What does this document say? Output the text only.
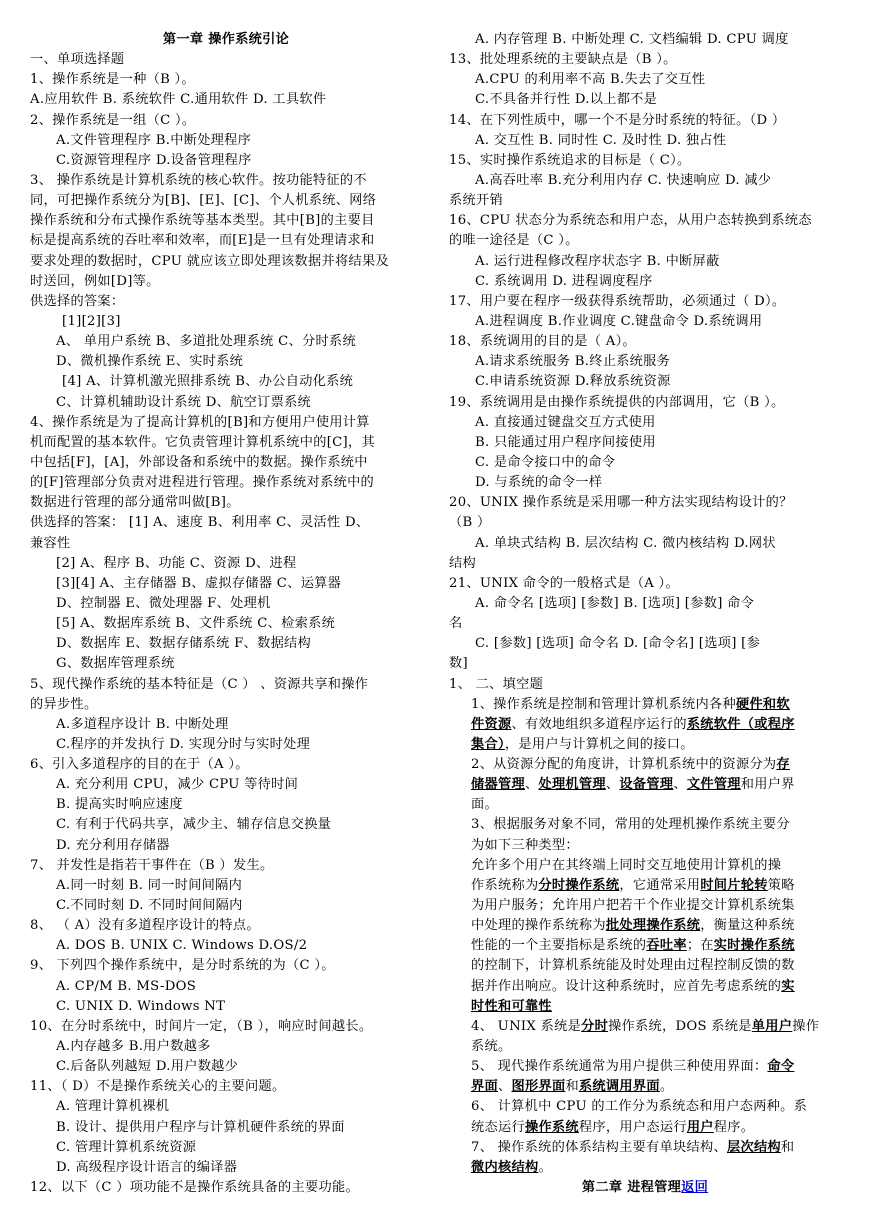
第一章 操作系统引论
一、单项选择题
1、操作系统是一种（B ）。
A.应用软件 B. 系统软件 C.通用软件 D. 工具软件
2、操作系统是一组（C ）。
A.文件管理程序 B.中断处理程序
C.资源管理程序 D.设备管理程序
3、 操作系统是计算机系统的核心软件。按功能特征的不
同，可把操作系统分为[B]、[E]、[C]、个人机系统、网络
操作系统和分布式操作系统等基本类型。其中[B]的主要目
标是提高系统的吞吐率和效率，而[E]是一旦有处理请求和
要求处理的数据时，CPU 就应该立即处理该数据并将结果及
时送回，例如[D]等。
供选择的答案：
[1][2][3]
A、 单用户系统 B、多道批处理系统 C、分时系统
D、微机操作系统 E、实时系统
[4] A、计算机激光照排系统 B、办公自动化系统
C、计算机辅助设计系统 D、航空订票系统
4、操作系统是为了提高计算机的[B]和方便用户使用计算
机而配置的基本软件。它负责管理计算机系统中的[C]，其
中包括[F]，[A]，外部设备和系统中的数据。操作系统中
的[F]管理部分负责对进程进行管理。操作系统对系统中的
数据进行管理的部分通常叫做[B]。
供选择的答案： [1] A、速度 B、利用率 C、灵活性 D、
兼容性
[2] A、程序 B、功能 C、资源 D、进程
[3][4] A、主存储器 B、虚拟存储器 C、运算器
D、控制器 E、微处理器 F、处理机
[5] A、数据库系统 B、文件系统 C、检索系统
D、数据库 E、数据存储系统 F、数据结构
G、数据库管理系统
5、现代操作系统的基本特征是（C ） 、资源共享和操作
的异步性。
A.多道程序设计 B. 中断处理
C.程序的并发执行 D. 实现分时与实时处理
6、引入多道程序的目的在于（A ）。
A. 充分利用 CPU，减少 CPU 等待时间
B. 提高实时响应速度
C. 有利于代码共享，减少主、辅存信息交换量
D. 充分利用存储器
7、 并发性是指若干事件在（B ）发生。
A.同一时刻 B. 同一时间间隔内
C.不同时刻 D. 不同时间间隔内
8、 （ A）没有多道程序设计的特点。
A. DOS B. UNIX C. Windows D.OS/2
9、 下列四个操作系统中，是分时系统的为（C ）。
A. CP/M B. MS-DOS
C. UNIX D. Windows NT
10、在分时系统中，时间片一定，（B ），响应时间越长。
A.内存越多 B.用户数越多
C.后备队列越短 D.用户数越少
11、（ D）不是操作系统关心的主要问题。
A. 管理计算机裸机
B. 设计、提供用户程序与计算机硬件系统的界面
C. 管理计算机系统资源
D. 高级程序设计语言的编译器
12、以下（C ）项功能不是操作系统具备的主要功能。
A. 内存管理 B. 中断处理 C. 文档编辑 D. CPU 调度
13、批处理系统的主要缺点是（B ）。
A.CPU 的利用率不高 B.失去了交互性
C.不具备并行性 D.以上都不是
14、在下列性质中，哪一个不是分时系统的特征。（D ）
A. 交互性 B. 同时性 C. 及时性 D. 独占性
15、实时操作系统追求的目标是（ C）。
A.高吞吐率 B.充分利用内存 C. 快速响应 D. 减少
系统开销
16、CPU 状态分为系统态和用户态，从用户态转换到系统态
的唯一途径是（C ）。
A. 运行进程修改程序状态字 B. 中断屏蔽
C. 系统调用 D. 进程调度程序
17、用户要在程序一级获得系统帮助，必须通过（ D）。
A.进程调度 B.作业调度 C.键盘命令 D.系统调用
18、系统调用的目的是（ A）。
A.请求系统服务 B.终止系统服务
C.申请系统资源 D.释放系统资源
19、系统调用是由操作系统提供的内部调用，它（B ）。
A. 直接通过键盘交互方式使用
B. 只能通过用户程序间接使用
C. 是命令接口中的命令
D. 与系统的命令一样
20、UNIX 操作系统是采用哪一种方法实现结构设计的？
（B ）
A. 单块式结构 B. 层次结构 C. 微内核结构 D.网状
结构
21、UNIX 命令的一般格式是（A ）。
A. 命令名 [选项] [参数] B. [选项] [参数] 命令
名
C. [参数] [选项] 命令名 D. [命令名] [选项] [参
数]
1、 二、填空题
1、操作系统是控制和管理计算机系统内各种硬件和软
件资源、有效地组织多道程序运行的系统软件（或程序
集合），是用户与计算机之间的接口。
2、从资源分配的角度讲，计算机系统中的资源分为存
储器管理、处理机管理、设备管理、文件管理和用户界
面。
3、根据服务对象不同，常用的处理机操作系统主要分
为如下三种类型：
允许多个用户在其终端上同时交互地使用计算机的操
作系统称为分时操作系统，它通常采用时间片轮转策略
为用户服务；允许用户把若干个作业提交计算机系统集
中处理的操作系统称为批处理操作系统，衡量这种系统
性能的一个主要指标是系统的吞吐率；在实时操作系统
的控制下，计算机系统能及时处理由过程控制反馈的数
据并作出响应。设计这种系统时，应首先考虑系统的实
时性和可靠性
4、 UNIX 系统是分时操作系统，DOS 系统是单用户操作
系统。
5、 现代操作系统通常为用户提供三种使用界面：命令
界面、图形界面和系统调用界面。
6、 计算机中 CPU 的工作分为系统态和用户态两种。系
统态运行操作系统程序，用户态运行用户程序。
7、 操作系统的体系结构主要有单块结构、层次结构和
微内核结构。
第二章 进程管理返回
